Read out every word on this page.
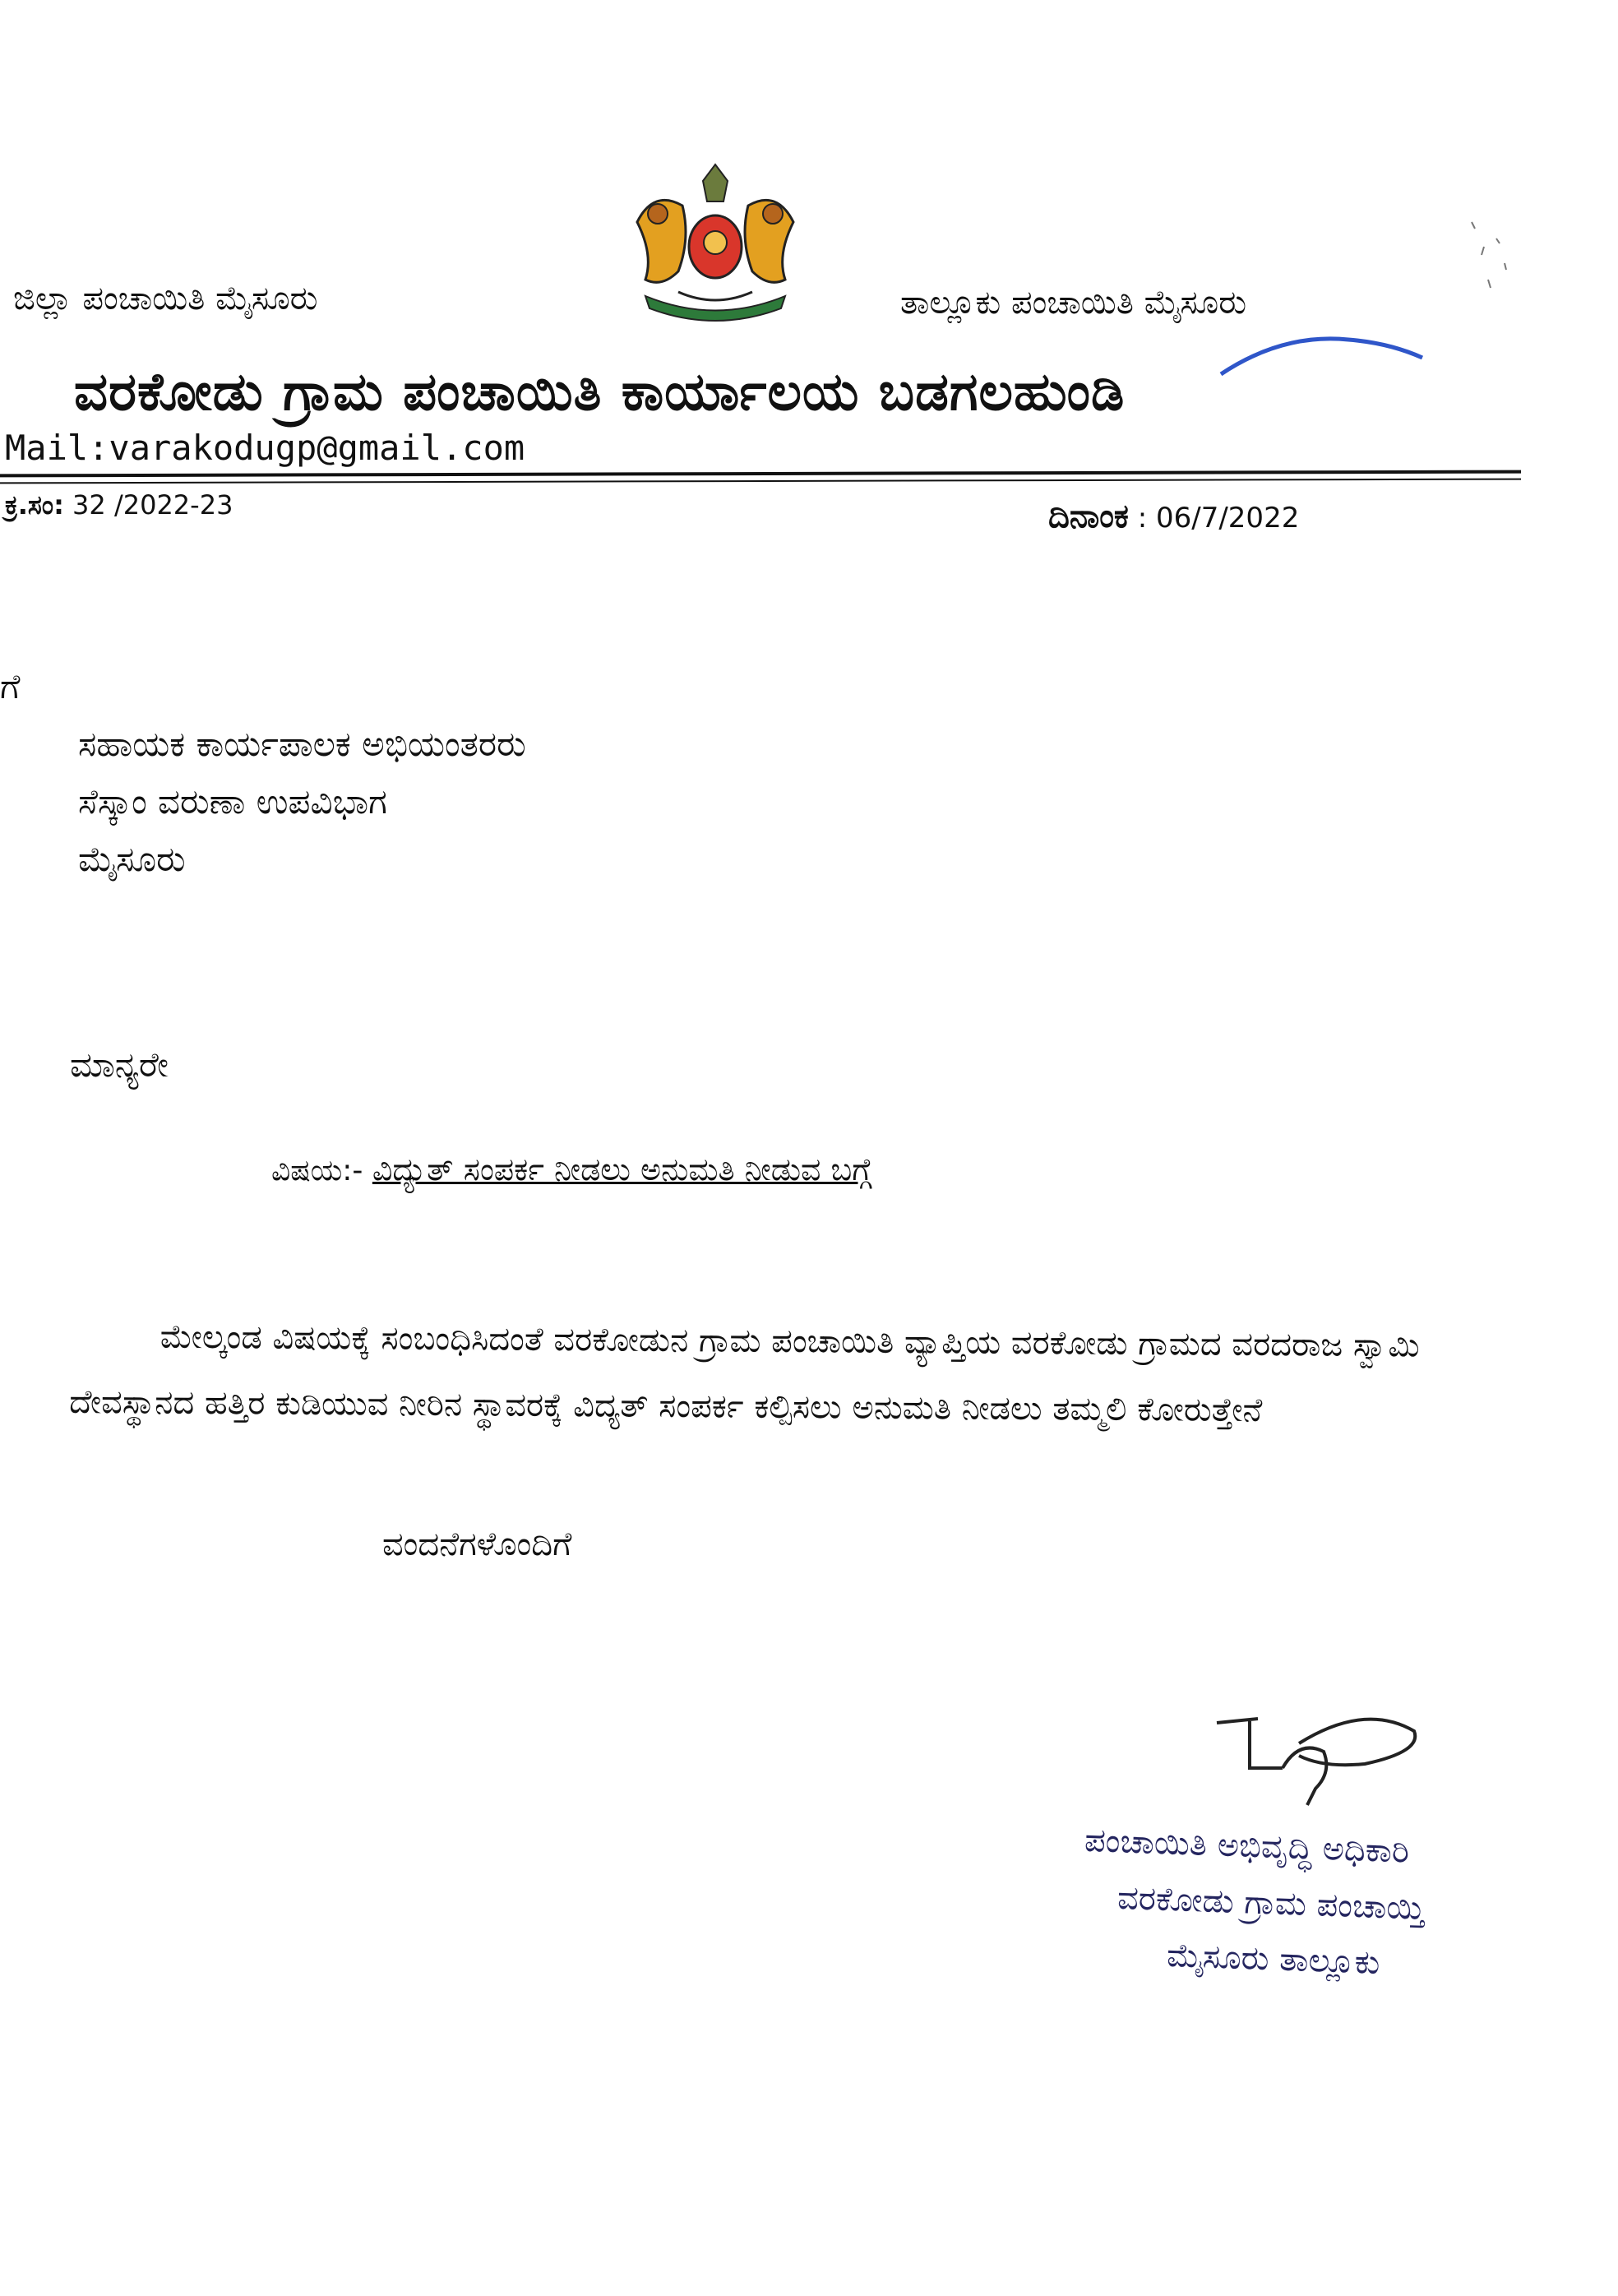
ಜಿಲ್ಲಾ ಪಂಚಾಯಿತಿ ಮೈಸೂರು	ತಾಲ್ಲೂಕು ಪಂಚಾಯಿತಿ ಮೈಸೂರು
ವರಕೋಡು ಗ್ರಾಮ ಪಂಚಾಯಿತಿ ಕಾರ್ಯಾಲಯ ಬಡಗಲಹುಂಡಿ
Mail:varakodugp@gmail.com
ಕ್ರ.ಸಂ: 32 /2022-23	ದಿನಾಂಕ : 06/7/2022
ಗೆ
ಸಹಾಯಕ ಕಾರ್ಯಪಾಲಕ ಅಭಿಯಂತರರು
ಸೆಸ್ಕಾಂ ವರುಣಾ ಉಪವಿಭಾಗ
ಮೈಸೂರು
ಮಾನ್ಯರೇ
ವಿಷಯ:- ವಿದ್ಯುತ್ ಸಂಪರ್ಕ ನೀಡಲು ಅನುಮತಿ ನೀಡುವ ಬಗ್ಗೆ
ಮೇಲ್ಕಂಡ ವಿಷಯಕ್ಕೆ ಸಂಬಂಧಿಸಿದಂತೆ ವರಕೋಡುನ ಗ್ರಾಮ ಪಂಚಾಯಿತಿ ವ್ಯಾಪ್ತಿಯ ವರಕೋಡು ಗ್ರಾಮದ ವರದರಾಜ ಸ್ವಾಮಿ ದೇವಸ್ಥಾನದ ಹತ್ತಿರ ಕುಡಿಯುವ ನೀರಿನ ಸ್ಥಾವರಕ್ಕೆ ವಿದ್ಯತ್ ಸಂಪರ್ಕ ಕಲ್ಪಿಸಲು ಅನುಮತಿ ನೀಡಲು ತಮ್ಮಲಿ ಕೋರುತ್ತೇನೆ
ವಂದನೆಗಳೊಂದಿಗೆ
ಪಂಚಾಯಿತಿ ಅಭಿವೃದ್ಧಿ ಅಧಿಕಾರಿ
ವರಕೋಡು ಗ್ರಾಮ ಪಂಚಾಯ್ತಿ
ಮೈಸೂರು ತಾಲ್ಲೂಕು
